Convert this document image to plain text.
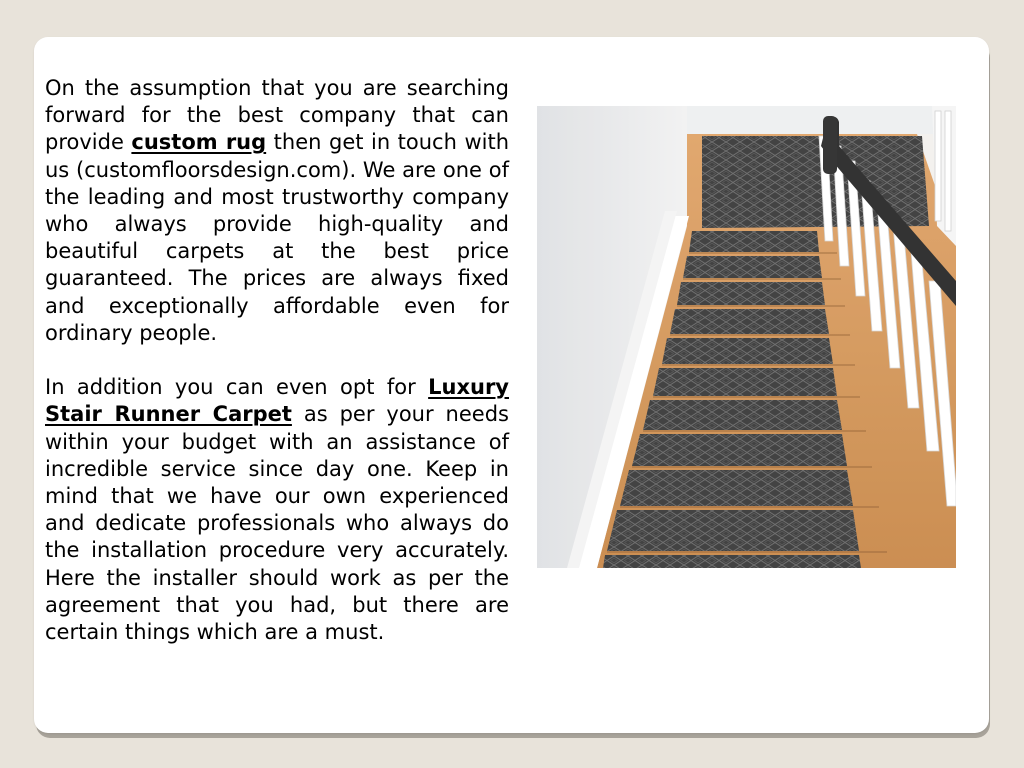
On the assumption that you are searching forward for the best company that can provide custom rug then get in touch with us (customfloorsdesign.com). We are one of the leading and most trustworthy company who always provide high-quality and beautiful carpets at the best price guaranteed. The prices are always fixed and exceptionally affordable even for ordinary people.

In addition you can even opt for Luxury Stair Runner Carpet as per your needs within your budget with an assistance of incredible service since day one. Keep in mind that we have our own experienced and dedicate professionals who always do the installation procedure very accurately. Here the installer should work as per the agreement that you had, but there are certain things which are a must.
